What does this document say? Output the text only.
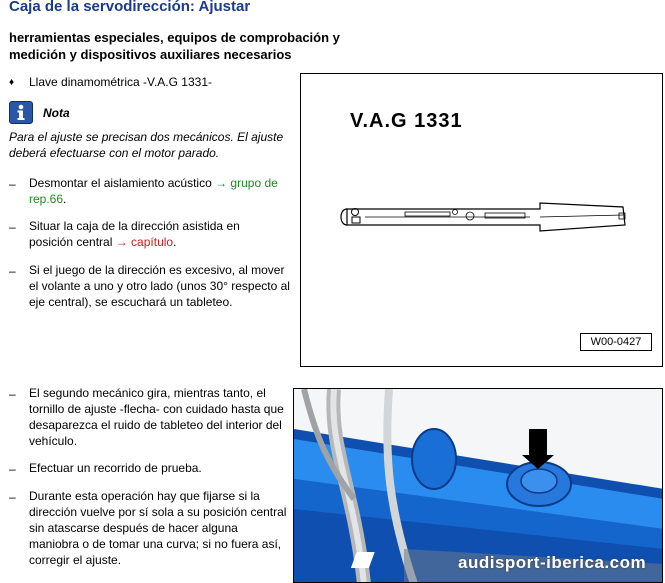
Caja de la servodirección: Ajustar
herramientas especiales, equipos de comprobación y medición y dispositivos auxiliares necesarios
♦	Llave dinamométrica -V.A.G 1331-
Nota
Para el ajuste se precisan dos mecánicos. El ajuste deberá efectuarse con el motor parado.
–	Desmontar el aislamiento acústico → grupo de rep.66.
–	Situar la caja de la dirección asistida en posición central → capítulo.
–	Si el juego de la dirección es excesivo, al mover el volante a uno y otro lado (unos 30° respecto al eje central), se escuchará un tableteo.
–	El segundo mecánico gira, mientras tanto, el tornillo de ajuste -flecha- con cuidado hasta que desaparezca el ruido de tableteo del interior del vehículo.
–	Efectuar un recorrido de prueba.
–	Durante esta operación hay que fijarse si la dirección vuelve por sí sola a su posición central sin atascarse después de hacer alguna maniobra o de tomar una curva; si no fuera así, corregir el ajuste.
V.A.G 1331
W00-0427
audisport-iberica.com
